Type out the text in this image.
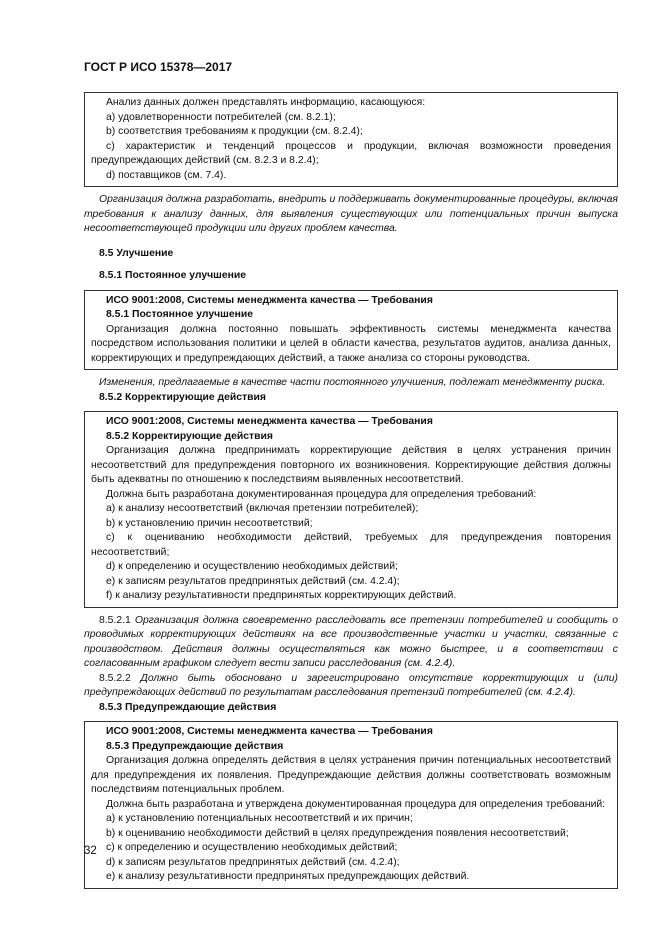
ГОСТ Р ИСО 15378—2017

Анализ данных должен представлять информацию, касающуюся:

a) удовлетворенности потребителей (см. 8.2.1);

b) соответствия требованиям к продукции (см. 8.2.4);

c) характеристик и тенденций процессов и продукции, включая возможности проведения предупреждающих действий (см. 8.2.3 и 8.2.4);

d) поставщиков (см. 7.4).

Организация должна разработать, внедрить и поддерживать документированные процедуры, включая требования к анализу данных, для выявления существующих или потенциальных причин выпуска несоответствующей продукции или других проблем качества.

8.5 Улучшение

8.5.1 Постоянное улучшение

ИСО 9001:2008, Системы менеджмента качества — Требования

8.5.1 Постоянное улучшение

Организация должна постоянно повышать эффективность системы менеджмента качества посредством использования политики и целей в области качества, результатов аудитов, анализа данных, корректирующих и предупреждающих действий, а также анализа со стороны руководства.

Изменения, предлагаемые в качестве части постоянного улучшения, подлежат менеджменту риска.

8.5.2 Корректирующие действия

ИСО 9001:2008, Системы менеджмента качества — Требования

8.5.2 Корректирующие действия

Организация должна предпринимать корректирующие действия в целях устранения причин несоответствий для предупреждения повторного их возникновения. Корректирующие действия должны быть адекватны по отношению к последствиям выявленных несоответствий.

Должна быть разработана документированная процедура для определения требований:

a) к анализу несоответствий (включая претензии потребителей);

b) к установлению причин несоответствий;

c) к оцениванию необходимости действий, требуемых для предупреждения повторения несоответствий;

d) к определению и осуществлению необходимых действий;

e) к записям результатов предпринятых действий (см. 4.2.4);

f) к анализу результативности предпринятых корректирующих действий.

8.5.2.1 Организация должна своевременно расследовать все претензии потребителей и сообщить о проводимых корректирующих действиях на все производственные участки и участки, связанные с производством. Действия должны осуществляться как можно быстрее, и в соответствии с согласованным графиком следует вести записи расследования (см. 4.2.4).

8.5.2.2 Должно быть обосновано и зарегистрировано отсутствие корректирующих и (или) предупреждающих действий по результатам расследования претензий потребителей (см. 4.2.4).

8.5.3 Предупреждающие действия

ИСО 9001:2008, Системы менеджмента качества — Требования

8.5.3 Предупреждающие действия

Организация должна определять действия в целях устранения причин потенциальных несоответствий для предупреждения их появления. Предупреждающие действия должны соответствовать возможным последствиям потенциальных проблем.

Должна быть разработана и утверждена документированная процедура для определения требований:

a) к установлению потенциальных несоответствий и их причин;

b) к оцениванию необходимости действий в целях предупреждения появления несоответствий;

c) к определению и осуществлению необходимых действий;

d) к записям результатов предпринятых действий (см. 4.2.4);

e) к анализу результативности предпринятых предупреждающих действий.

32
